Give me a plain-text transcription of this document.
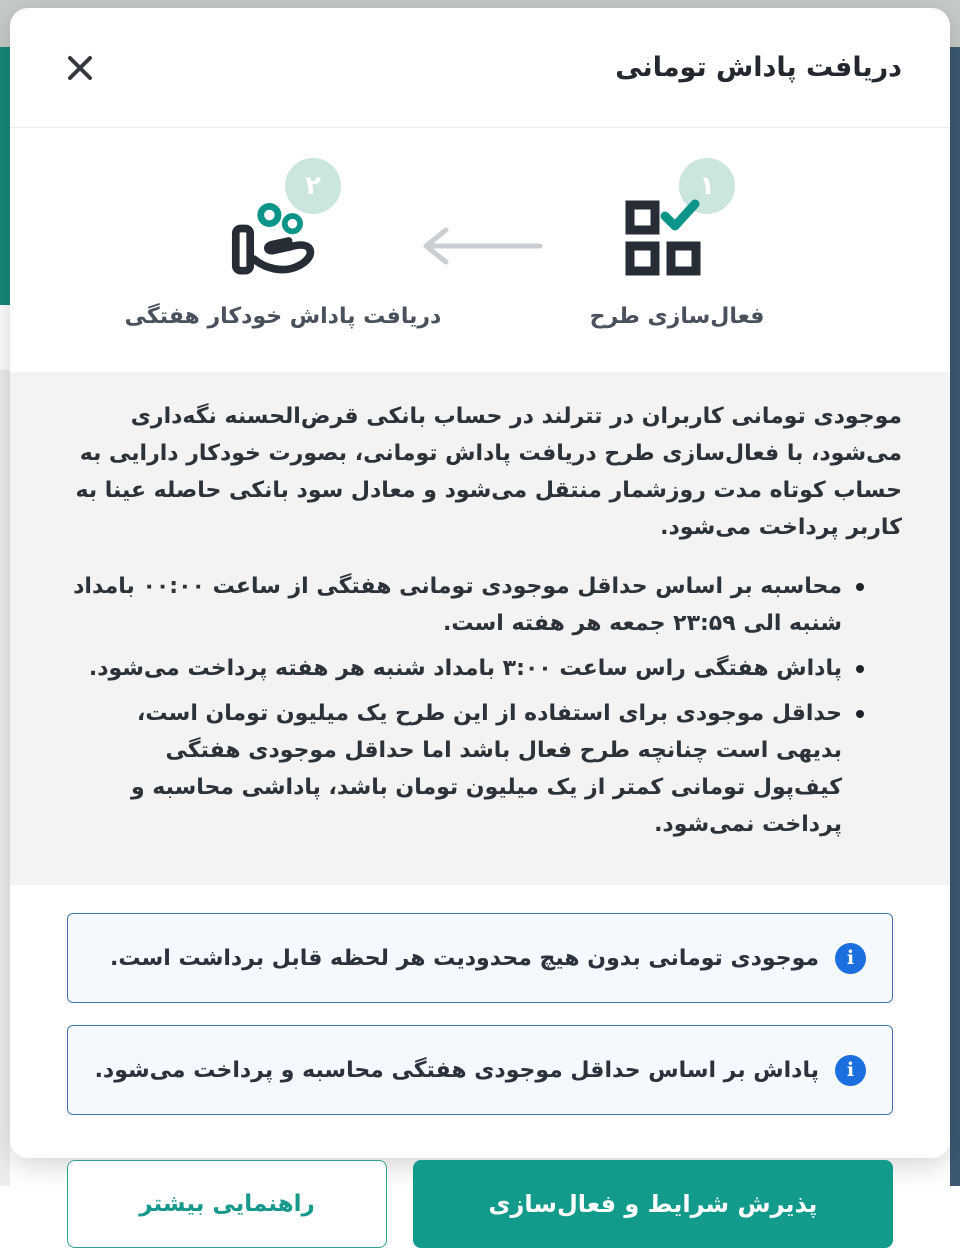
دریافت پاداش تومانی
۱
فعال‌سازی طرح
۲
دریافت پاداش خودکار هفتگی

موجودی تومانی کاربران در تترلند در حساب بانکی قرض‌الحسنه نگه‌داری می‌شود، با فعال‌سازی طرح دریافت پاداش تومانی، بصورت خودکار دارایی به حساب کوتاه مدت روزشمار منتقل می‌شود و معادل سود بانکی حاصله عینا به کاربر پرداخت می‌شود.

محاسبه بر اساس حداقل موجودی تومانی هفتگی از ساعت ۰۰:۰۰ بامداد شنبه الی ۲۳:۵۹ جمعه هر هفته است.
پاداش هفتگی راس ساعت ۳:۰۰ بامداد شنبه هر هفته پرداخت می‌شود.
حداقل موجودی برای استفاده از این طرح یک میلیون تومان است، بدیهی است چنانچه طرح فعال باشد اما حداقل موجودی هفتگی کیف‌پول تومانی کمتر از یک میلیون تومان باشد، پاداشی محاسبه و پرداخت نمی‌شود.
i
موجودی تومانی بدون هیچ محدودیت هر لحظه قابل برداشت است.
i
پاداش بر اساس حداقل موجودی هفتگی محاسبه و پرداخت می‌شود.
پذیرش شرایط و فعال‌سازی
راهنمایی بیشتر
